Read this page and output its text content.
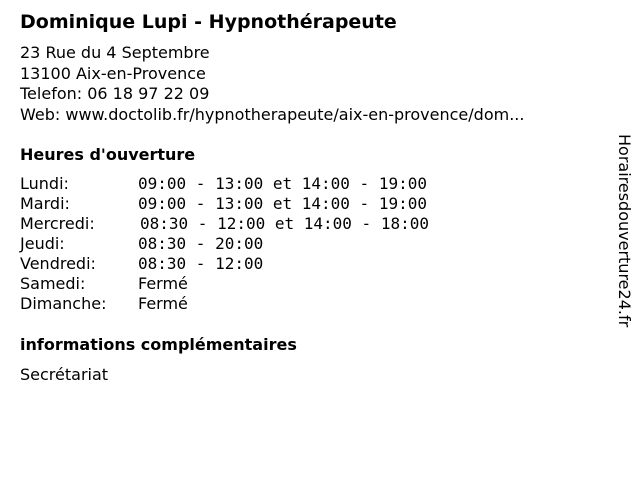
Dominique Lupi - Hypnothérapeute
23 Rue du 4 Septembre
13100 Aix-en-Provence
Telefon: 06 18 97 22 09
Web: www.doctolib.fr/hypnotherapeute/aix-en-provence/dom...
Heures d'ouverture
Lundi:	09:00 - 13:00 et 14:00 - 19:00
Mardi:	09:00 - 13:00 et 14:00 - 19:00
Mercredi:	08:30 - 12:00 et 14:00 - 18:00
Jeudi:	08:30 - 20:00
Vendredi:	08:30 - 12:00
Samedi:	Fermé
Dimanche: Fermé
informations complémentaires
Secrétariat
Horairesdouverture24.fr
